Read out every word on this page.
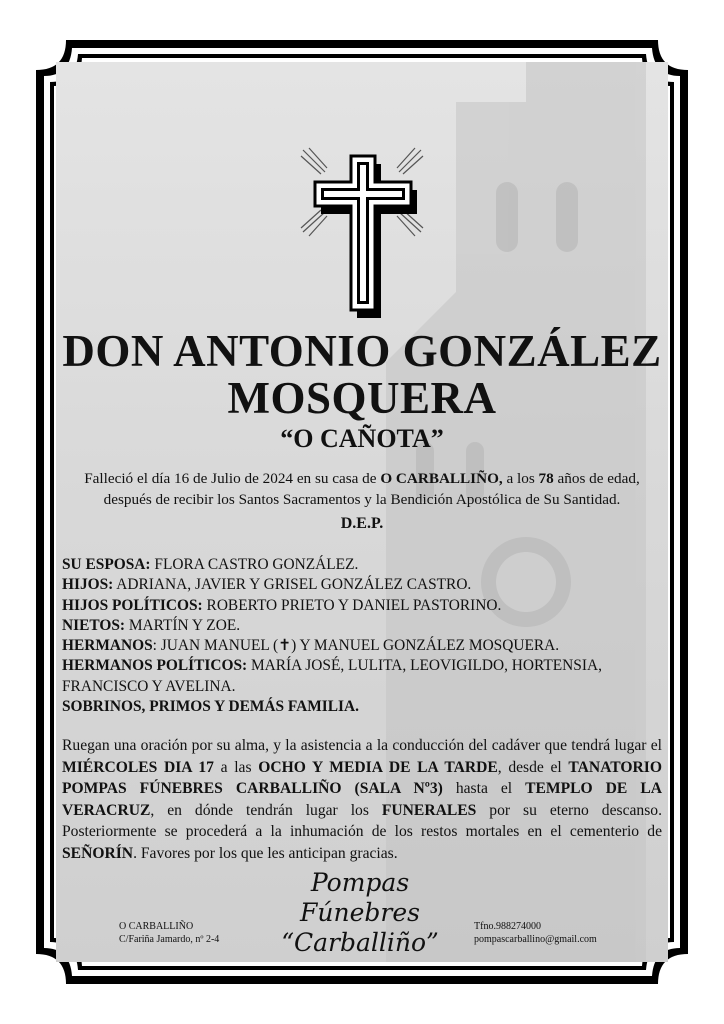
DON ANTONIO GONZÁLEZ
MOSQUERA
“O CAÑOTA”
Falleció el día 16 de Julio de 2024 en su casa de O CARBALLIÑO, a los 78 años de edad,
después de recibir los Santos Sacramentos y la Bendición Apostólica de Su Santidad.
D.E.P.
SU ESPOSA: FLORA CASTRO GONZÁLEZ.
HIJOS: ADRIANA, JAVIER Y GRISEL GONZÁLEZ CASTRO.
HIJOS POLÍTICOS: ROBERTO PRIETO Y DANIEL PASTORINO.
NIETOS: MARTÍN Y ZOE.
HERMANOS: JUAN MANUEL (✝) Y MANUEL GONZÁLEZ MOSQUERA.
HERMANOS POLÍTICOS: MARÍA JOSÉ, LULITA, LEOVIGILDO, HORTENSIA,
FRANCISCO Y AVELINA.
SOBRINOS, PRIMOS Y DEMÁS FAMILIA.
Ruegan una oración por su alma, y la asistencia a la conducción del cadáver que tendrá lugar el MIÉRCOLES DIA 17 a las OCHO Y MEDIA DE LA TARDE, desde el TANATORIO POMPAS FÚNEBRES CARBALLIÑO (SALA Nº3) hasta el TEMPLO DE LA VERACRUZ, en dónde tendrán lugar los FUNERALES por su eterno descanso. Posteriormente se procederá a la inhumación de los restos mortales en el cementerio de SEÑORÍN. Favores por los que les anticipan gracias.
Pompas Fúnebres
“Carballiño”
O CARBALLIÑO
C/Fariña Jamardo, nº 2-4
Tfno.988274000
pompascarballino@gmail.com
